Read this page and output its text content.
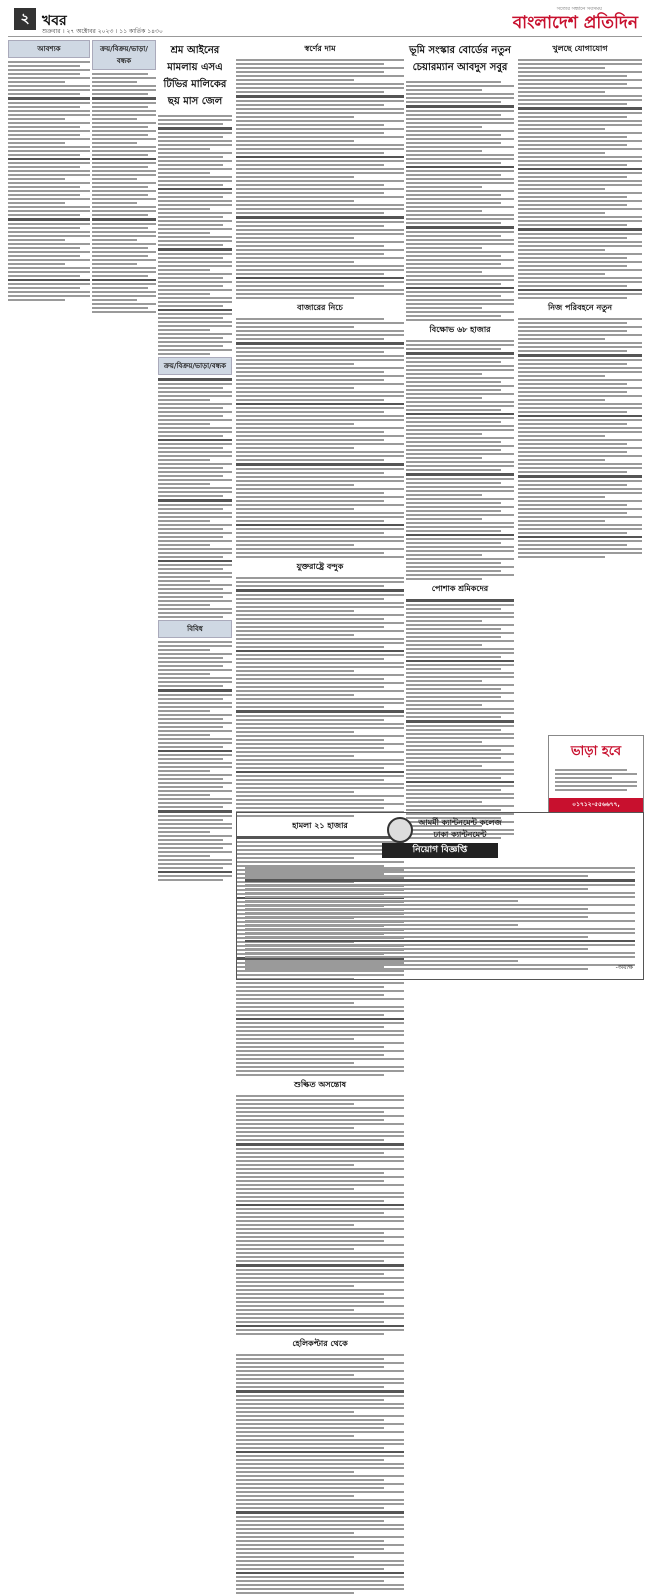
২ খবর
শুক্রবার । ২৭ অক্টোবর ২০২৩ । ১১ কার্তিক ১৪৩০
সত্যের সন্ধানে সবসময়
বাংলাদেশ প্রতিদিন
আবশ্যক	ক্রয়/বিক্রয়/ভাড়া/বন্ধক
শ্রম আইনের মামলায় এসএ টিভির মালিকের ছয় মাস জেল
ক্রয়/বিক্রয়/ভাড়া/বন্ধক
বিবিধ
স্বর্ণের দাম
বাজারের নিচে
যুক্তরাষ্ট্রে বন্দুক
হামলা ২১ হাজার
শুল্কিত অসন্তোষ
হেলিকপ্টার থেকে
ভূমি সংস্কার বোর্ডের নতুন চেয়ারম্যান আবদুস সবুর
বিক্ষোভ ৬৮ হাজার
পোশাক শ্রমিকদের
খুলছে যোগাযোগ
নিজ পরিবহনে নতুন
ভাড়া হবে
০১৭১২-৫৫৬৬৭৭, ০১৯১১-২২৩৩৪৪
আমর্মী ক্যান্টনমেন্ট কলেজ
ঢাকা ক্যান্টনমেন্ট
নিয়োগ বিজ্ঞপ্তি
-অধ্যক্ষ
